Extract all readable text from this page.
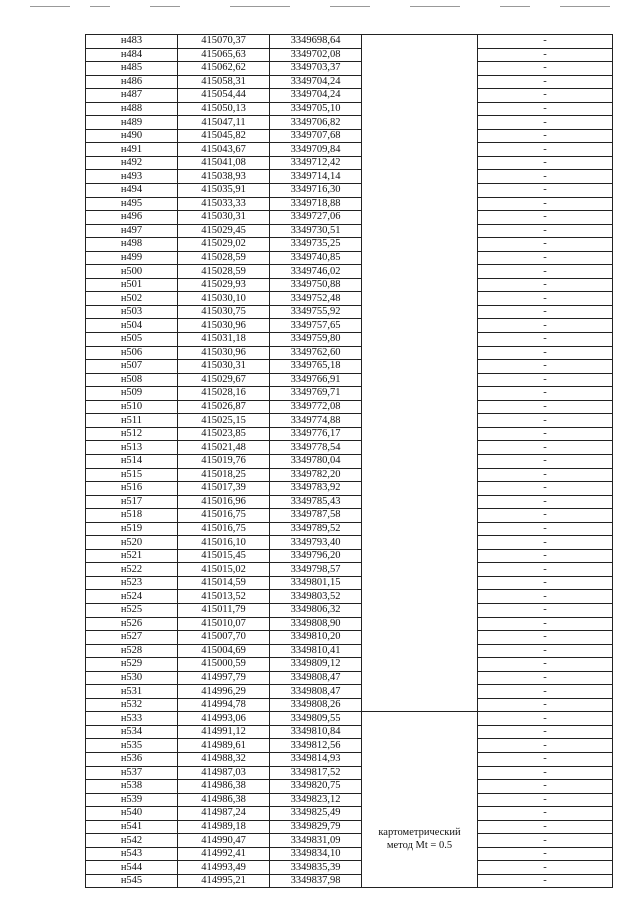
н483	415070,37	3349698,64		-
н484	415065,63	3349702,08		-
н485	415062,62	3349703,37		-
н486	415058,31	3349704,24		-
н487	415054,44	3349704,24		-
н488	415050,13	3349705,10		-
н489	415047,11	3349706,82		-
н490	415045,82	3349707,68		-
н491	415043,67	3349709,84		-
н492	415041,08	3349712,42		-
н493	415038,93	3349714,14		-
н494	415035,91	3349716,30		-
н495	415033,33	3349718,88		-
н496	415030,31	3349727,06		-
н497	415029,45	3349730,51		-
н498	415029,02	3349735,25		-
н499	415028,59	3349740,85		-
н500	415028,59	3349746,02		-
н501	415029,93	3349750,88		-
н502	415030,10	3349752,48		-
н503	415030,75	3349755,92		-
н504	415030,96	3349757,65		-
н505	415031,18	3349759,80		-
н506	415030,96	3349762,60		-
н507	415030,31	3349765,18		-
н508	415029,67	3349766,91		-
н509	415028,16	3349769,71		-
н510	415026,87	3349772,08		-
н511	415025,15	3349774,88		-
н512	415023,85	3349776,17		-
н513	415021,48	3349778,54		-
н514	415019,76	3349780,04		-
н515	415018,25	3349782,20		-
н516	415017,39	3349783,92		-
н517	415016,96	3349785,43		-
н518	415016,75	3349787,58		-
н519	415016,75	3349789,52		-
н520	415016,10	3349793,40		-
н521	415015,45	3349796,20		-
н522	415015,02	3349798,57		-
н523	415014,59	3349801,15		-
н524	415013,52	3349803,52		-
н525	415011,79	3349806,32		-
н526	415010,07	3349808,90		-
н527	415007,70	3349810,20		-
н528	415004,69	3349810,41		-
н529	415000,59	3349809,12		-
н530	414997,79	3349808,47		-
н531	414996,29	3349808,47		-
н532	414994,78	3349808,26		-
н533	414993,06	3349809,55	картометрический
метод Mt = 0.5	-
н534	414991,12	3349810,84		-
н535	414989,61	3349812,56		-
н536	414988,32	3349814,93		-
н537	414987,03	3349817,52		-
н538	414986,38	3349820,75		-
н539	414986,38	3349823,12		-
н540	414987,24	3349825,49		-
н541	414989,18	3349829,79		-
н542	414990,47	3349831,09		-
н543	414992,41	3349834,10		-
н544	414993,49	3349835,39		-
н545	414995,21	3349837,98		-
